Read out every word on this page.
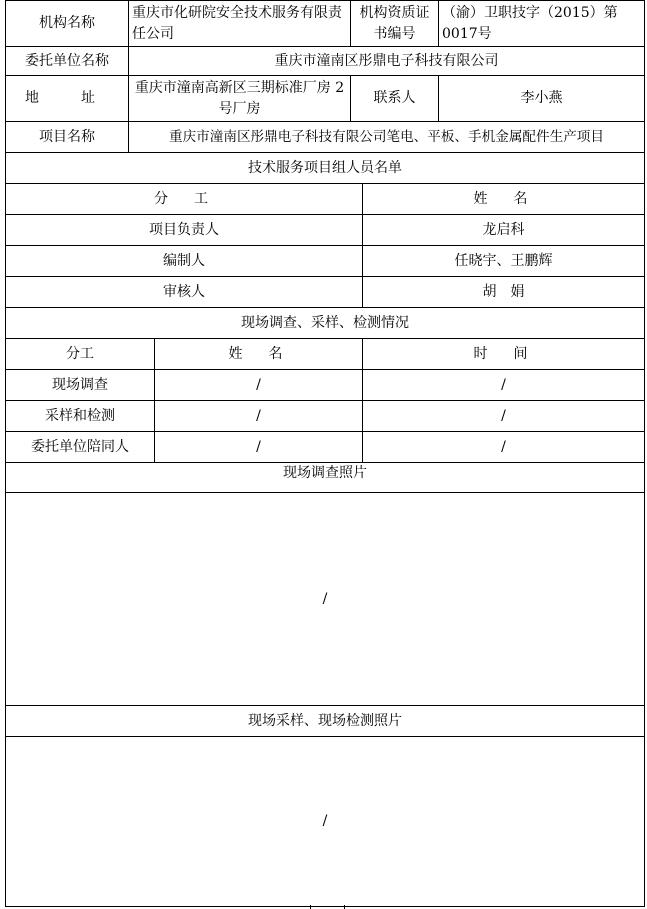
机构名称	重庆市化研院安全技术服务有限责任公司		机构资质证书编号		（渝）卫职技字（2015）第0017号
委托单位名称	重庆市潼南区彤鼎电子科技有限公司				
地　址	重庆市潼南高新区三期标准厂房 2 号厂房		联系人		李小燕
项目名称	重庆市潼南区彤鼎电子科技有限公司笔电、平板、手机金属配件生产项目				
技术服务项目组人员名单					
分　工				姓　名	
项目负责人				龙启科	
编制人				任晓宇、王鹏辉	
审核人				胡　娟	
现场调查、采样、检测情况					
分工		姓　名		时　间	
现场调查		/		/	
采样和检测		/		/	
委托单位陪同人		/		/	
现场调查照片					
/					
现场采样、现场检测照片					
/					
